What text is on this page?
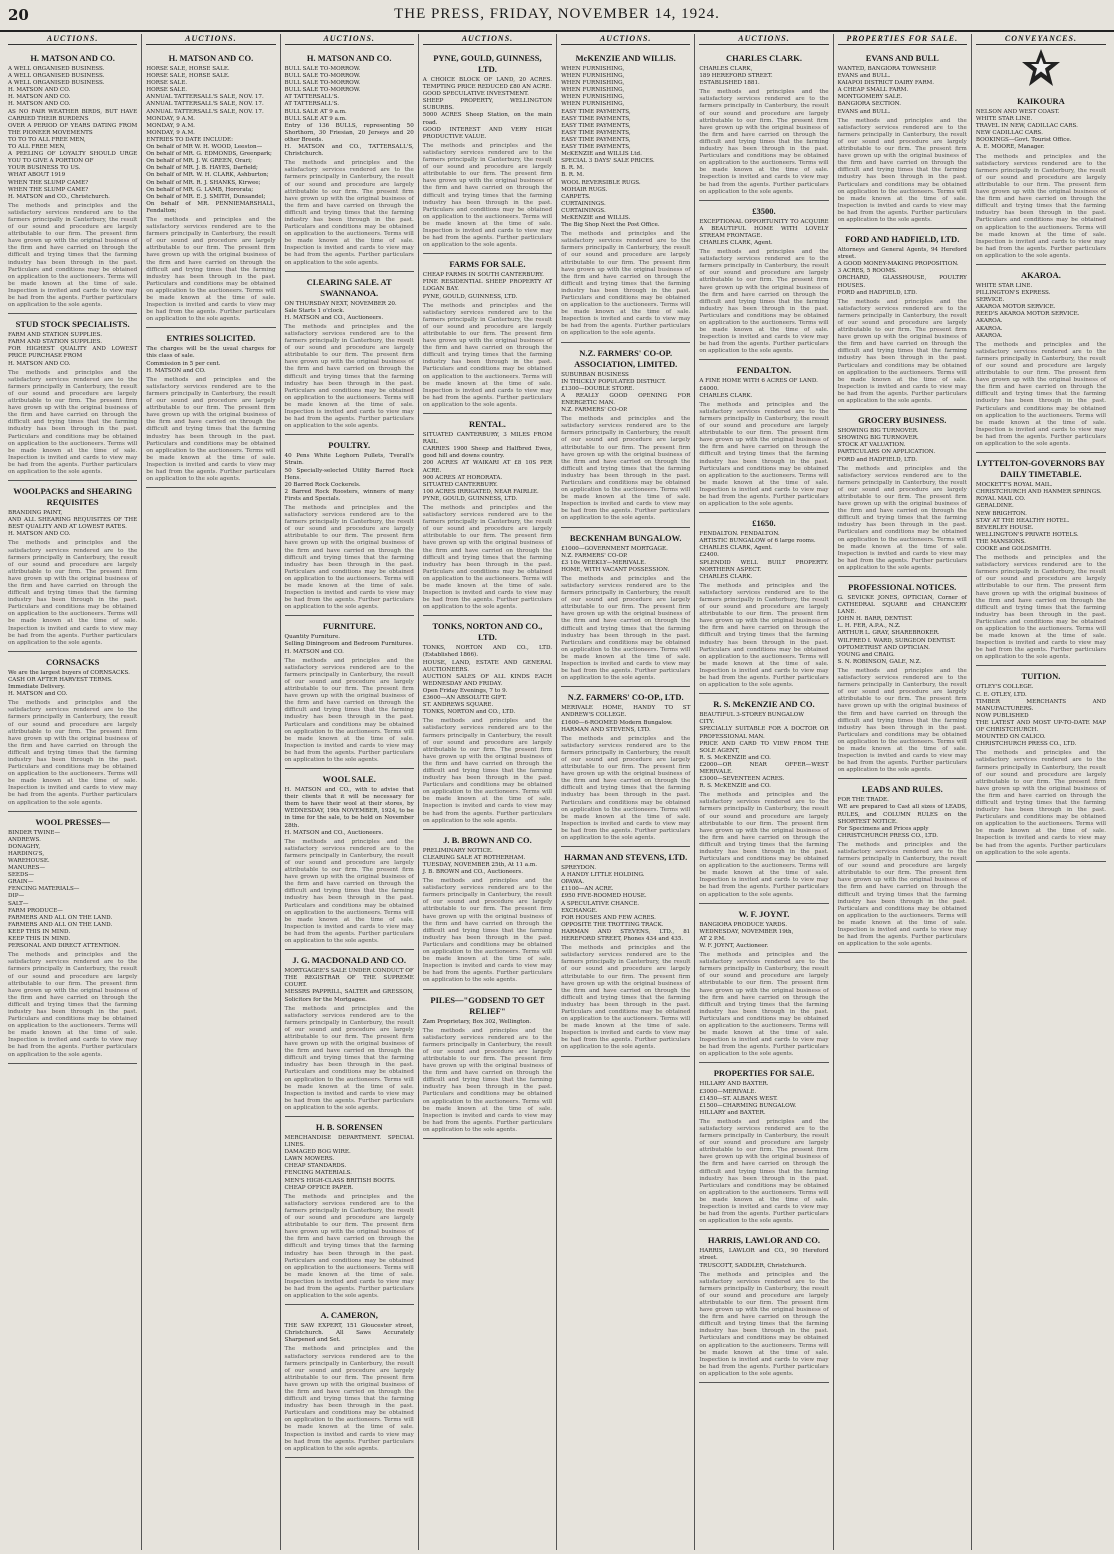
20	THE PRESS, FRIDAY, NOVEMBER 14, 1924.
AUCTIONS.
H. MATSON AND CO.
A WELL ORGANISED BUSINESS.
A WELL ORGANISED BUSINESS.
A WELL ORGANISED BUSINESS.
H. MATSON AND CO.
H. MATSON AND CO.
H. MATSON AND CO.
AS NO FAIR WEATHER BIRDS, BUT HAVE CARRIED THEIR BURDENS
OVER A PERIOD OF YEARS DATING FROM THE PIONEER MOVEMENTS
TO TO TO ALL FREE MEN,
TO ALL FREE MEN,
A PEELING OF LOYALTY SHOULD URGE YOU TO GIVE A PORTION OF
YOUR BUSINESS TO US.
WHAT ABOUT 1919
WHEN THE SLUMP CAME?
WHEN THE SLUMP CAME?
H. MATSON and CO., Christchurch.
The methods and principles and the satisfactory services rendered are to the farmers principally in Canterbury, the result of our sound and procedure are largely attributable to our firm. The present firm have grown up with the original business of the firm and have carried on through the difficult and trying times that the farming industry has been through in the past. Particulars and conditions may be obtained on application to the auctioneers. Terms will be made known at the time of sale. Inspection is invited and cards to view may be had from the agents. Further particulars on application to the sole agents.
STUD STOCK SPECIALISTS.
FARM AND STATION SUPPLIES.
FARM AND STATION SUPPLIES.
FOR HIGHEST QUALITY AND LOWEST PRICE PURCHASE FROM
H. MATSON AND CO.
The methods and principles and the satisfactory services rendered are to the farmers principally in Canterbury, the result of our sound and procedure are largely attributable to our firm. The present firm have grown up with the original business of the firm and have carried on through the difficult and trying times that the farming industry has been through in the past. Particulars and conditions may be obtained on application to the auctioneers. Terms will be made known at the time of sale. Inspection is invited and cards to view may be had from the agents. Further particulars on application to the sole agents.
WOOLPACKS and SHEARING REQUISITES
BRANDING PAINT,
AND ALL SHEARING REQUISITES OF THE BEST QUALITY AND AT LOWEST RATES.
H. MATSON AND CO.
The methods and principles and the satisfactory services rendered are to the farmers principally in Canterbury, the result of our sound and procedure are largely attributable to our firm. The present firm have grown up with the original business of the firm and have carried on through the difficult and trying times that the farming industry has been through in the past. Particulars and conditions may be obtained on application to the auctioneers. Terms will be made known at the time of sale. Inspection is invited and cards to view may be had from the agents. Further particulars on application to the sole agents.
CORNSACKS
We are the largest buyers of CORNSACKS.
CASH OR AFTER HARVEST TERMS.
Immediate Delivery.
H. MATSON and CO.
The methods and principles and the satisfactory services rendered are to the farmers principally in Canterbury, the result of our sound and procedure are largely attributable to our firm. The present firm have grown up with the original business of the firm and have carried on through the difficult and trying times that the farming industry has been through in the past. Particulars and conditions may be obtained on application to the auctioneers. Terms will be made known at the time of sale. Inspection is invited and cards to view may be had from the agents. Further particulars on application to the sole agents.
WOOL PRESSES—
BINDER TWINE—
ANDREWS.
DONAGHY,
HARDING'S,
WAREHOUSE.
MANURES—
SEEDS—
GRAIN—
FENCING MATERIALS—
DIP—
SALT—
FARM PRODUCE—
FARMERS AND ALL ON THE LAND.
FARMERS AND ALL ON THE LAND.
KEEP THIS IN MIND.
KEEP THIS IN MIND.
PERSONAL AND DIRECT ATTENTION.
The methods and principles and the satisfactory services rendered are to the farmers principally in Canterbury, the result of our sound and procedure are largely attributable to our firm. The present firm have grown up with the original business of the firm and have carried on through the difficult and trying times that the farming industry has been through in the past. Particulars and conditions may be obtained on application to the auctioneers. Terms will be made known at the time of sale. Inspection is invited and cards to view may be had from the agents. Further particulars on application to the sole agents.
AUCTIONS.
H. MATSON AND CO.
HORSE SALE, HORSE SALE.
HORSE SALE, HORSE SALE.
HORSE SALE.
HORSE SALE.
ANNUAL TATTERSALL'S SALE, NOV. 17.
ANNUAL TATTERSALL'S SALE, NOV. 17.
ANNUAL TATTERSALL'S SALE, NOV. 17.
MONDAY, 9 A.M.
MONDAY, 9 A.M.
MONDAY, 9 A.M.
ENTRIES TO DATE INCLUDE:
On behalf of MR W. H. WOOD, Leeston—
On behalf of MR. G. EDMONDS, Greenpark;
On behalf of MR. J. W. GREEN, Orari;
On behalf of MR. J. B. HAYES, Darfield;
On behalf of MR. W. H. CLARK, Ashburton;
On behalf of MR. R. J. SHANKS, Kirwee;
On behalf of MR. G. LAMB, Hororata;
On behalf of MR. E. J. SMITH, Dunsandel;
On behalf of MR. PENNIEMARSHALL, Fendalton;
The methods and principles and the satisfactory services rendered are to the farmers principally in Canterbury, the result of our sound and procedure are largely attributable to our firm. The present firm have grown up with the original business of the firm and have carried on through the difficult and trying times that the farming industry has been through in the past. Particulars and conditions may be obtained on application to the auctioneers. Terms will be made known at the time of sale. Inspection is invited and cards to view may be had from the agents. Further particulars on application to the sole agents.
ENTRIES SOLICITED.
The charges will be the usual charges for this class of sale.
Commission in 5 per cent.
H. MATSON and CO.
The methods and principles and the satisfactory services rendered are to the farmers principally in Canterbury, the result of our sound and procedure are largely attributable to our firm. The present firm have grown up with the original business of the firm and have carried on through the difficult and trying times that the farming industry has been through in the past. Particulars and conditions may be obtained on application to the auctioneers. Terms will be made known at the time of sale. Inspection is invited and cards to view may be had from the agents. Further particulars on application to the sole agents.
AUCTIONS.
H. MATSON AND CO.
BULL SALE TO-MORROW.
BULL SALE TO-MORROW.
BULL SALE TO-MORROW.
BULL SALE TO-MORROW.
AT TATTERSALL'S.
AT TATTERSALL'S.
BULL SALE AT 9 a.m.
BULL SALE AT 9 a.m.
Entry of 136 BULLS, representing 50 Shorthorn, 30 Friesian, 20 Jerseys and 20 other Breeds.
H. MATSON and CO., TATTERSALL'S, Christchurch.
The methods and principles and the satisfactory services rendered are to the farmers principally in Canterbury, the result of our sound and procedure are largely attributable to our firm. The present firm have grown up with the original business of the firm and have carried on through the difficult and trying times that the farming industry has been through in the past. Particulars and conditions may be obtained on application to the auctioneers. Terms will be made known at the time of sale. Inspection is invited and cards to view may be had from the agents. Further particulars on application to the sole agents.
CLEARING SALE. AT SWANNANOA.
ON THURSDAY NEXT, NOVEMBER 20.
Sale Starts 1 o'clock.
H. MATSON and CO., Auctioneers.
The methods and principles and the satisfactory services rendered are to the farmers principally in Canterbury, the result of our sound and procedure are largely attributable to our firm. The present firm have grown up with the original business of the firm and have carried on through the difficult and trying times that the farming industry has been through in the past. Particulars and conditions may be obtained on application to the auctioneers. Terms will be made known at the time of sale. Inspection is invited and cards to view may be had from the agents. Further particulars on application to the sole agents.
POULTRY.
40 Pens White Leghorn Pullets, Tverall's Strain.
50 Specially-selected Utility Barred Rock Hens.
20 Barred Rock Cockerels.
2 Barred Rock Roosters, winners of many Firsts and Specials.
The methods and principles and the satisfactory services rendered are to the farmers principally in Canterbury, the result of our sound and procedure are largely attributable to our firm. The present firm have grown up with the original business of the firm and have carried on through the difficult and trying times that the farming industry has been through in the past. Particulars and conditions may be obtained on application to the auctioneers. Terms will be made known at the time of sale. Inspection is invited and cards to view may be had from the agents. Further particulars on application to the sole agents.
FURNITURE.
Quantity Furniture.
Selling Diningroom and Bedroom Furnitures.
H. MATSON and CO.
The methods and principles and the satisfactory services rendered are to the farmers principally in Canterbury, the result of our sound and procedure are largely attributable to our firm. The present firm have grown up with the original business of the firm and have carried on through the difficult and trying times that the farming industry has been through in the past. Particulars and conditions may be obtained on application to the auctioneers. Terms will be made known at the time of sale. Inspection is invited and cards to view may be had from the agents. Further particulars on application to the sole agents.
WOOL SALE.
H. MATSON and CO., with to advise that their clients that it will be necessary for them to have their wool at their stores, by WEDNESDAY, 19th NOVEMBER, 1924, to be in time for the sale, to be held on November 28th.
H. MATSON and CO., Auctioneers.
The methods and principles and the satisfactory services rendered are to the farmers principally in Canterbury, the result of our sound and procedure are largely attributable to our firm. The present firm have grown up with the original business of the firm and have carried on through the difficult and trying times that the farming industry has been through in the past. Particulars and conditions may be obtained on application to the auctioneers. Terms will be made known at the time of sale. Inspection is invited and cards to view may be had from the agents. Further particulars on application to the sole agents.
J. G. MACDONALD AND CO.
MORTGAGEE'S SALE UNDER CONDUCT OF THE REGISTRAR OF THE SUPREME COURT.
MESSRS PAPPRILL, SALTER and GRESSON, Solicitors for the Mortgagee.
The methods and principles and the satisfactory services rendered are to the farmers principally in Canterbury, the result of our sound and procedure are largely attributable to our firm. The present firm have grown up with the original business of the firm and have carried on through the difficult and trying times that the farming industry has been through in the past. Particulars and conditions may be obtained on application to the auctioneers. Terms will be made known at the time of sale. Inspection is invited and cards to view may be had from the agents. Further particulars on application to the sole agents.
H. B. SORENSEN
MERCHANDISE DEPARTMENT. SPECIAL LINES.
DAMAGED BOG WIRE.
LAWN MOWERS.
CHEAP STANDARDS.
FENCING MATERIALS.
MEN'S HIGH-CLASS BRITISH BOOTS.
CHEAP OFFICE PAPER.
The methods and principles and the satisfactory services rendered are to the farmers principally in Canterbury, the result of our sound and procedure are largely attributable to our firm. The present firm have grown up with the original business of the firm and have carried on through the difficult and trying times that the farming industry has been through in the past. Particulars and conditions may be obtained on application to the auctioneers. Terms will be made known at the time of sale. Inspection is invited and cards to view may be had from the agents. Further particulars on application to the sole agents.
A. CAMERON,
THE SAW EXPERT, 151 Gloucester street, Christchurch. All Saws Accurately Sharpened and Set.
The methods and principles and the satisfactory services rendered are to the farmers principally in Canterbury, the result of our sound and procedure are largely attributable to our firm. The present firm have grown up with the original business of the firm and have carried on through the difficult and trying times that the farming industry has been through in the past. Particulars and conditions may be obtained on application to the auctioneers. Terms will be made known at the time of sale. Inspection is invited and cards to view may be had from the agents. Further particulars on application to the sole agents.
AUCTIONS.
PYNE, GOULD, GUINNESS, LTD.
A CHOICE BLOCK OF LAND, 20 ACRES. TEMPTING PRICE REDUCED £80 AN ACRE.
GOOD SPECULATIVE INVESTMENT.
SHEEP PROPERTY, WELLINGTON SUBURBS.
5000 ACRES Sheep Station, on the main road.
GOOD INTEREST AND VERY HIGH PRODUCTIVE VALUE.
The methods and principles and the satisfactory services rendered are to the farmers principally in Canterbury, the result of our sound and procedure are largely attributable to our firm. The present firm have grown up with the original business of the firm and have carried on through the difficult and trying times that the farming industry has been through in the past. Particulars and conditions may be obtained on application to the auctioneers. Terms will be made known at the time of sale. Inspection is invited and cards to view may be had from the agents. Further particulars on application to the sole agents.
FARMS FOR SALE.
CHEAP FARMS IN SOUTH CANTERBURY.
FINE RESIDENTIAL SHEEP PROPERTY AT LOGAN BAY.
PYNE, GOULD, GUINNESS, LTD.
The methods and principles and the satisfactory services rendered are to the farmers principally in Canterbury, the result of our sound and procedure are largely attributable to our firm. The present firm have grown up with the original business of the firm and have carried on through the difficult and trying times that the farming industry has been through in the past. Particulars and conditions may be obtained on application to the auctioneers. Terms will be made known at the time of sale. Inspection is invited and cards to view may be had from the agents. Further particulars on application to the sole agents.
RENTAL.
SITUATED CANTERBURY, 3 MILES FROM RAIL.
CARRIES 1900 Sheep and Halfbred Ewes, good hill and downs country.
200 ACRES AT WAIKARI AT £8 10S PER ACRE.
900 ACRES AT HORORATA.
SITUATED CANTERBURY.
100 ACRES IRRIGATED, NEAR FAIRLIE.
PYNE, GOULD, GUINNESS, LTD.
The methods and principles and the satisfactory services rendered are to the farmers principally in Canterbury, the result of our sound and procedure are largely attributable to our firm. The present firm have grown up with the original business of the firm and have carried on through the difficult and trying times that the farming industry has been through in the past. Particulars and conditions may be obtained on application to the auctioneers. Terms will be made known at the time of sale. Inspection is invited and cards to view may be had from the agents. Further particulars on application to the sole agents.
TONKS, NORTON AND CO., LTD.
TONKS, NORTON AND CO., LTD. (Established 1866).
HOUSE, LAND, ESTATE AND GENERAL AUCTIONEERS.
AUCTION SALES OF ALL KINDS EACH WEDNESDAY AND FRIDAY.
Open Friday Evenings, 7 to 9.
£3600—AN ABSOLUTE GIFT.
ST. ANDREWS SQUARE.
TONKS, NORTON and CO., LTD.
The methods and principles and the satisfactory services rendered are to the farmers principally in Canterbury, the result of our sound and procedure are largely attributable to our firm. The present firm have grown up with the original business of the firm and have carried on through the difficult and trying times that the farming industry has been through in the past. Particulars and conditions may be obtained on application to the auctioneers. Terms will be made known at the time of sale. Inspection is invited and cards to view may be had from the agents. Further particulars on application to the sole agents.
J. B. BROWN AND CO.
PRELIMINARY NOTICE.
CLEARING SALE AT ROTHERHAM.
TUESDAY, NOVEMBER 25th, At 11 a.m.
J. B. BROWN and CO., Auctioneers.
The methods and principles and the satisfactory services rendered are to the farmers principally in Canterbury, the result of our sound and procedure are largely attributable to our firm. The present firm have grown up with the original business of the firm and have carried on through the difficult and trying times that the farming industry has been through in the past. Particulars and conditions may be obtained on application to the auctioneers. Terms will be made known at the time of sale. Inspection is invited and cards to view may be had from the agents. Further particulars on application to the sole agents.
PILES—"GODSEND TO GET RELIEF"
Zam Proprietary, Box 302, Wellington.
The methods and principles and the satisfactory services rendered are to the farmers principally in Canterbury, the result of our sound and procedure are largely attributable to our firm. The present firm have grown up with the original business of the firm and have carried on through the difficult and trying times that the farming industry has been through in the past. Particulars and conditions may be obtained on application to the auctioneers. Terms will be made known at the time of sale. Inspection is invited and cards to view may be had from the agents. Further particulars on application to the sole agents.
AUCTIONS.
McKENZIE AND WILLIS.
WHEN FURNISHING,
WHEN FURNISHING,
WHEN FURNISHING,
WHEN FURNISHING,
WHEN FURNISHING,
WHEN FURNISHING,
EASY TIME PAYMENTS,
EASY TIME PAYMENTS,
EASY TIME PAYMENTS,
EASY TIME PAYMENTS,
EASY TIME PAYMENTS,
EASY TIME PAYMENTS,
McKENZIE and WILLIS Ltd.
SPECIAL 3 DAYS' SALE PRICES.
B. R. M.
B. R. M.
WOOL REVERSIBLE RUGS.
MOHAIR RUGS.
CARPETS.
CURTAININGS.
CURTAININGS.
McKENZIE and WILLIS.
The Big Shop Next the Post Office.
The methods and principles and the satisfactory services rendered are to the farmers principally in Canterbury, the result of our sound and procedure are largely attributable to our firm. The present firm have grown up with the original business of the firm and have carried on through the difficult and trying times that the farming industry has been through in the past. Particulars and conditions may be obtained on application to the auctioneers. Terms will be made known at the time of sale. Inspection is invited and cards to view may be had from the agents. Further particulars on application to the sole agents.
N.Z. FARMERS' CO-OP. ASSOCIATION, LIMITED.
SUBURBAN BUSINESS
IN THICKLY POPULATED DISTRICT.
£1300—DOUBLE STORE.
A REALLY GOOD OPENING FOR ENERGETIC MAN.
N.Z. FARMERS' CO-OP.
The methods and principles and the satisfactory services rendered are to the farmers principally in Canterbury, the result of our sound and procedure are largely attributable to our firm. The present firm have grown up with the original business of the firm and have carried on through the difficult and trying times that the farming industry has been through in the past. Particulars and conditions may be obtained on application to the auctioneers. Terms will be made known at the time of sale. Inspection is invited and cards to view may be had from the agents. Further particulars on application to the sole agents.
BECKENHAM BUNGALOW.
£1000—GOVERNMENT MORTGAGE.
N.Z. FARMERS' CO-OP.
£3 10s WEEKLY—MERIVALE.
HOME, WITH VACANT POSSESSION.
The methods and principles and the satisfactory services rendered are to the farmers principally in Canterbury, the result of our sound and procedure are largely attributable to our firm. The present firm have grown up with the original business of the firm and have carried on through the difficult and trying times that the farming industry has been through in the past. Particulars and conditions may be obtained on application to the auctioneers. Terms will be made known at the time of sale. Inspection is invited and cards to view may be had from the agents. Further particulars on application to the sole agents.
N.Z. FARMERS' CO-OP., LTD.
MERIVALE HOME, HANDY TO ST ANDREW'S COLLEGE.
£1600—6-ROOMED Modern Bungalow.
HARMAN AND STEVENS, LTD.
The methods and principles and the satisfactory services rendered are to the farmers principally in Canterbury, the result of our sound and procedure are largely attributable to our firm. The present firm have grown up with the original business of the firm and have carried on through the difficult and trying times that the farming industry has been through in the past. Particulars and conditions may be obtained on application to the auctioneers. Terms will be made known at the time of sale. Inspection is invited and cards to view may be had from the agents. Further particulars on application to the sole agents.
HARMAN AND STEVENS, LTD.
SPREYDON.
A HANDY LITTLE HOLDING.
OPAWA.
£1100—AN ACRE.
£950 FIVE-ROOMED HOUSE.
A SPECULATIVE CHANCE.
EXCHANGE.
FOR HOUSES AND FEW ACRES.
OPPOSITE THE TROTTING TRACK.
HARMAN AND STEVENS, LTD., 81 HEREFORD STREET, Phones 434 and 435.
The methods and principles and the satisfactory services rendered are to the farmers principally in Canterbury, the result of our sound and procedure are largely attributable to our firm. The present firm have grown up with the original business of the firm and have carried on through the difficult and trying times that the farming industry has been through in the past. Particulars and conditions may be obtained on application to the auctioneers. Terms will be made known at the time of sale. Inspection is invited and cards to view may be had from the agents. Further particulars on application to the sole agents.
AUCTIONS.
CHARLES CLARK.
CHARLES CLARK,
189 HEREFORD STREET.
ESTABLISHED 1881.
The methods and principles and the satisfactory services rendered are to the farmers principally in Canterbury, the result of our sound and procedure are largely attributable to our firm. The present firm have grown up with the original business of the firm and have carried on through the difficult and trying times that the farming industry has been through in the past. Particulars and conditions may be obtained on application to the auctioneers. Terms will be made known at the time of sale. Inspection is invited and cards to view may be had from the agents. Further particulars on application to the sole agents.
£3500.
EXCEPTIONAL OPPORTUNITY TO ACQUIRE A BEAUTIFUL HOME WITH LOVELY STREAM FRONTAGE.
CHARLES CLARK, Agent.
The methods and principles and the satisfactory services rendered are to the farmers principally in Canterbury, the result of our sound and procedure are largely attributable to our firm. The present firm have grown up with the original business of the firm and have carried on through the difficult and trying times that the farming industry has been through in the past. Particulars and conditions may be obtained on application to the auctioneers. Terms will be made known at the time of sale. Inspection is invited and cards to view may be had from the agents. Further particulars on application to the sole agents.
FENDALTON.
A FINE HOME WITH 6 ACRES OF LAND.
£4000.
CHARLES CLARK.
The methods and principles and the satisfactory services rendered are to the farmers principally in Canterbury, the result of our sound and procedure are largely attributable to our firm. The present firm have grown up with the original business of the firm and have carried on through the difficult and trying times that the farming industry has been through in the past. Particulars and conditions may be obtained on application to the auctioneers. Terms will be made known at the time of sale. Inspection is invited and cards to view may be had from the agents. Further particulars on application to the sole agents.
£1650.
FENDALTON. FENDALTON.
ARTISTIC BUNGALOW of 6 large rooms.
CHARLES CLARK, Agent.
£2400.
SPLENDID WELL BUILT PROPERTY. NORTHERN ASPECT.
CHARLES CLARK.
The methods and principles and the satisfactory services rendered are to the farmers principally in Canterbury, the result of our sound and procedure are largely attributable to our firm. The present firm have grown up with the original business of the firm and have carried on through the difficult and trying times that the farming industry has been through in the past. Particulars and conditions may be obtained on application to the auctioneers. Terms will be made known at the time of sale. Inspection is invited and cards to view may be had from the agents. Further particulars on application to the sole agents.
R. S. McKENZIE AND CO.
BEAUTIFUL 3-STOREY BUNGALOW
CITY.
SPECIALLY SUITABLE FOR A DOCTOR OR PROFESSIONAL MAN.
PRICE AND CARD TO VIEW FROM THE SOLE AGENT,
R. S. McKENZIE and CO.
£2000—OR NEAR OFFER—WEST MERIVALE.
£3000—SEVENTEEN ACRES.
R. S. McKENZIE and CO.
The methods and principles and the satisfactory services rendered are to the farmers principally in Canterbury, the result of our sound and procedure are largely attributable to our firm. The present firm have grown up with the original business of the firm and have carried on through the difficult and trying times that the farming industry has been through in the past. Particulars and conditions may be obtained on application to the auctioneers. Terms will be made known at the time of sale. Inspection is invited and cards to view may be had from the agents. Further particulars on application to the sole agents.
W. F. JOYNT.
BANGIORA PRODUCE YARDS.
WEDNESDAY, NOVEMBER 19th,
AT 2 P.M.
W. F. JOYNT, Auctioneer.
The methods and principles and the satisfactory services rendered are to the farmers principally in Canterbury, the result of our sound and procedure are largely attributable to our firm. The present firm have grown up with the original business of the firm and have carried on through the difficult and trying times that the farming industry has been through in the past. Particulars and conditions may be obtained on application to the auctioneers. Terms will be made known at the time of sale. Inspection is invited and cards to view may be had from the agents. Further particulars on application to the sole agents.
PROPERTIES FOR SALE.
HILLARY AND BAXTER.
£3000—MERIVALE.
£1450—ST. ALBANS WEST.
£1500—CHARMING BUNGALOW.
HILLARY and BAXTER.
The methods and principles and the satisfactory services rendered are to the farmers principally in Canterbury, the result of our sound and procedure are largely attributable to our firm. The present firm have grown up with the original business of the firm and have carried on through the difficult and trying times that the farming industry has been through in the past. Particulars and conditions may be obtained on application to the auctioneers. Terms will be made known at the time of sale. Inspection is invited and cards to view may be had from the agents. Further particulars on application to the sole agents.
HARRIS, LAWLOR AND CO.
HARRIS, LAWLOR and CO., 90 Hereford street.
TRUSCOTT, SADDLER, Christchurch.
The methods and principles and the satisfactory services rendered are to the farmers principally in Canterbury, the result of our sound and procedure are largely attributable to our firm. The present firm have grown up with the original business of the firm and have carried on through the difficult and trying times that the farming industry has been through in the past. Particulars and conditions may be obtained on application to the auctioneers. Terms will be made known at the time of sale. Inspection is invited and cards to view may be had from the agents. Further particulars on application to the sole agents.
PROPERTIES FOR SALE.
EVANS AND BULL
WANTED, BANGIORA TOWNSHIP.
EVANS and BULL.
KAIAPOI DISTRICT DAIRY FARM.
A CHEAP SMALL FARM.
MONTGOMERY SALE.
BANGIORA SECTION.
EVANS and BULL.
The methods and principles and the satisfactory services rendered are to the farmers principally in Canterbury, the result of our sound and procedure are largely attributable to our firm. The present firm have grown up with the original business of the firm and have carried on through the difficult and trying times that the farming industry has been through in the past. Particulars and conditions may be obtained on application to the auctioneers. Terms will be made known at the time of sale. Inspection is invited and cards to view may be had from the agents. Further particulars on application to the sole agents.
FORD AND HADFIELD, LTD.
Attorneys and General Agents, 94 Hereford street.
A GOOD MONEY-MAKING PROPOSITION.
3 ACRES, 5 ROOMS.
ORCHARD, GLASSHOUSE, POULTRY HOUSES.
FORD and HADFIELD, LTD.
The methods and principles and the satisfactory services rendered are to the farmers principally in Canterbury, the result of our sound and procedure are largely attributable to our firm. The present firm have grown up with the original business of the firm and have carried on through the difficult and trying times that the farming industry has been through in the past. Particulars and conditions may be obtained on application to the auctioneers. Terms will be made known at the time of sale. Inspection is invited and cards to view may be had from the agents. Further particulars on application to the sole agents.
GROCERY BUSINESS.
SHOWING BIG TURNOVER.
SHOWING BIG TURNOVER.
STOCK AT VALUATION.
PARTICULARS ON APPLICATION.
FORD and HADFIELD, LTD.
The methods and principles and the satisfactory services rendered are to the farmers principally in Canterbury, the result of our sound and procedure are largely attributable to our firm. The present firm have grown up with the original business of the firm and have carried on through the difficult and trying times that the farming industry has been through in the past. Particulars and conditions may be obtained on application to the auctioneers. Terms will be made known at the time of sale. Inspection is invited and cards to view may be had from the agents. Further particulars on application to the sole agents.
PROFESSIONAL NOTICES.
G. SEVICKE JONES, OPTICIAN, Corner of CATHEDRAL SQUARE and CHANCERY LANE.
JOHN H. BARR, DENTIST.
L. H. FER, A.P.A., N.Z.
ARTHUR L. GRAY, SHAREBROKER.
WILFRED I. WARD, SURGEON DENTIST.
OPTOMETRIST AND OPTICIAN.
YOUNG and CRAIG.
S. N. ROBINSON, GALE, N.Z.
The methods and principles and the satisfactory services rendered are to the farmers principally in Canterbury, the result of our sound and procedure are largely attributable to our firm. The present firm have grown up with the original business of the firm and have carried on through the difficult and trying times that the farming industry has been through in the past. Particulars and conditions may be obtained on application to the auctioneers. Terms will be made known at the time of sale. Inspection is invited and cards to view may be had from the agents. Further particulars on application to the sole agents.
LEADS AND RULES.
FOR THE TRADE.
WE are prepared to Cast all sizes of LEADS, RULES, and COLUMN RULES on the SHORTEST NOTICE.
For Specimens and Prices apply
CHRISTCHURCH PRESS CO., LTD.
The methods and principles and the satisfactory services rendered are to the farmers principally in Canterbury, the result of our sound and procedure are largely attributable to our firm. The present firm have grown up with the original business of the firm and have carried on through the difficult and trying times that the farming industry has been through in the past. Particulars and conditions may be obtained on application to the auctioneers. Terms will be made known at the time of sale. Inspection is invited and cards to view may be had from the agents. Further particulars on application to the sole agents.
CONVEYANCES.
KAIKOURA
NELSON AND WEST COAST.
WHITE STAR LINE.
TRAVEL IN NEW, CADILLAC CARS.
NEW CADILLAC CARS.
BOOKINGS—Govt. Tourist Office.
A. E. MOORE, Manager.
The methods and principles and the satisfactory services rendered are to the farmers principally in Canterbury, the result of our sound and procedure are largely attributable to our firm. The present firm have grown up with the original business of the firm and have carried on through the difficult and trying times that the farming industry has been through in the past. Particulars and conditions may be obtained on application to the auctioneers. Terms will be made known at the time of sale. Inspection is invited and cards to view may be had from the agents. Further particulars on application to the sole agents.
AKAROA.
WHITE STAR LINE.
PILLINGTON'S EXPRESS.
SERVICE.
AKAROA MOTOR SERVICE.
REED'S AKAROA MOTOR SERVICE.
AKAROA.
AKAROA.
AKAROA.
The methods and principles and the satisfactory services rendered are to the farmers principally in Canterbury, the result of our sound and procedure are largely attributable to our firm. The present firm have grown up with the original business of the firm and have carried on through the difficult and trying times that the farming industry has been through in the past. Particulars and conditions may be obtained on application to the auctioneers. Terms will be made known at the time of sale. Inspection is invited and cards to view may be had from the agents. Further particulars on application to the sole agents.
LYTTELTON-GOVERNORS BAY DAILY TIMETABLE.
MOCKETT'S ROYAL MAIL.
CHRISTCHURCH AND HANMER SPRINGS.
ROYAL MAIL CO.
GERALDINE.
NEW BRIGHTON.
STAY AT THE HEALTHY HOTEL.
BEVERLEY HOUSE.
WELLINGTON'S PRIVATE HOTELS.
THE MANSIONS.
COOKE and GOLDSMITH.
The methods and principles and the satisfactory services rendered are to the farmers principally in Canterbury, the result of our sound and procedure are largely attributable to our firm. The present firm have grown up with the original business of the firm and have carried on through the difficult and trying times that the farming industry has been through in the past. Particulars and conditions may be obtained on application to the auctioneers. Terms will be made known at the time of sale. Inspection is invited and cards to view may be had from the agents. Further particulars on application to the sole agents.
TUITION.
OTLEY'S COLLEGE.
C. E. OTLEY, LTD.
TIMBER MERCHANTS AND MANUFACTURERS.
NOW PUBLISHED
THE LATEST AND MOST UP-TO-DATE MAP OF CHRISTCHURCH.
MOUNTED ON CALICO.
CHRISTCHURCH PRESS CO., LTD.
The methods and principles and the satisfactory services rendered are to the farmers principally in Canterbury, the result of our sound and procedure are largely attributable to our firm. The present firm have grown up with the original business of the firm and have carried on through the difficult and trying times that the farming industry has been through in the past. Particulars and conditions may be obtained on application to the auctioneers. Terms will be made known at the time of sale. Inspection is invited and cards to view may be had from the agents. Further particulars on application to the sole agents.
